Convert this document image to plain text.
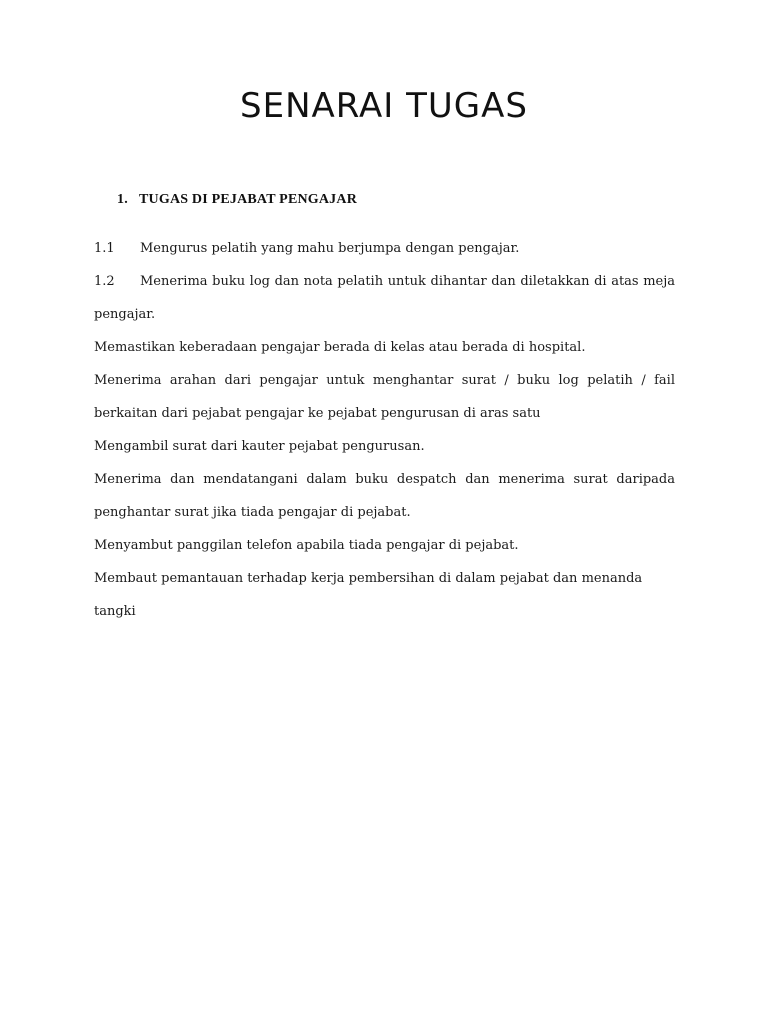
SENARAI TUGAS
1. TUGAS DI PEJABAT PENGAJAR

1.1 Mengurus pelatih yang mahu berjumpa dengan pengajar.

1.2 Menerima buku log dan nota pelatih untuk dihantar dan diletakkan di atas meja pengajar.

Memastikan keberadaan pengajar berada di kelas atau berada di hospital.

Menerima arahan dari pengajar untuk menghantar surat / buku log pelatih / fail berkaitan dari pejabat pengajar ke pejabat pengurusan di aras satu

Mengambil surat dari kauter pejabat pengurusan.

Menerima dan mendatangani dalam buku despatch dan menerima surat daripada penghantar surat jika tiada pengajar di pejabat.

Menyambut panggilan telefon apabila tiada pengajar di pejabat.

Membaut pemantauan terhadap kerja pembersihan di dalam pejabat dan menanda tangki
